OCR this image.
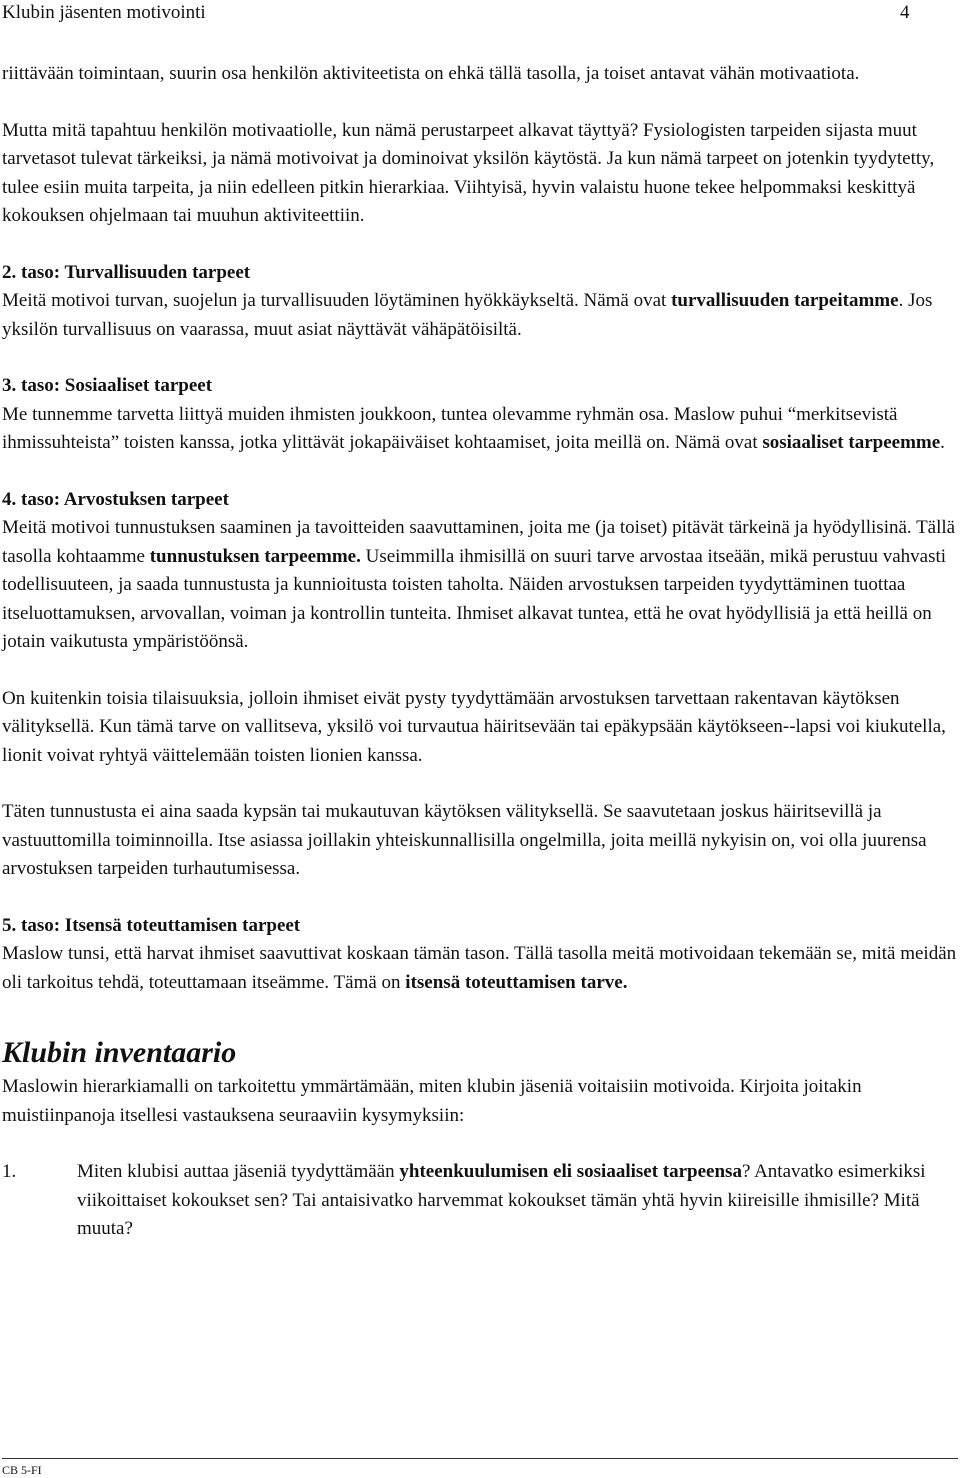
Klubin jäsenten motivointi	4

riittävään toimintaan, suurin osa henkilön aktiviteetista on ehkä tällä tasolla, ja toiset antavat vähän motivaatiota.

Mutta mitä tapahtuu henkilön motivaatiolle, kun nämä perustarpeet alkavat täyttyä? Fysiologisten tarpeiden sijasta muut tarvetasot tulevat tärkeiksi, ja nämä motivoivat ja dominoivat yksilön käytöstä. Ja kun nämä tarpeet on jotenkin tyydytetty, tulee esiin muita tarpeita, ja niin edelleen pitkin hierarkiaa. Viihtyisä, hyvin valaistu huone tekee helpommaksi keskittyä kokouksen ohjelmaan tai muuhun aktiviteettiin.

2. taso: Turvallisuuden tarpeet

Meitä motivoi turvan, suojelun ja turvallisuuden löytäminen hyökkäykseltä. Nämä ovat turvallisuuden tarpeitamme. Jos yksilön turvallisuus on vaarassa, muut asiat näyttävät vähäpätöisiltä.

3. taso: Sosiaaliset tarpeet

Me tunnemme tarvetta liittyä muiden ihmisten joukkoon, tuntea olevamme ryhmän osa. Maslow puhui “merkitsevistä ihmissuhteista” toisten kanssa, jotka ylittävät jokapäiväiset kohtaamiset, joita meillä on. Nämä ovat sosiaaliset tarpeemme.

4. taso: Arvostuksen tarpeet

Meitä motivoi tunnustuksen saaminen ja tavoitteiden saavuttaminen, joita me (ja toiset) pitävät tärkeinä ja hyödyllisinä. Tällä tasolla kohtaamme tunnustuksen tarpeemme. Useimmilla ihmisillä on suuri tarve arvostaa itseään, mikä perustuu vahvasti todellisuuteen, ja saada tunnustusta ja kunnioitusta toisten taholta. Näiden arvostuksen tarpeiden tyydyttäminen tuottaa itseluottamuksen, arvovallan, voiman ja kontrollin tunteita. Ihmiset alkavat tuntea, että he ovat hyödyllisiä ja että heillä on jotain vaikutusta ympäristöönsä.

On kuitenkin toisia tilaisuuksia, jolloin ihmiset eivät pysty tyydyttämään arvostuksen tarvettaan rakentavan käytöksen välityksellä. Kun tämä tarve on vallitseva, yksilö voi turvautua häiritsevään tai epäkypsään käytökseen--lapsi voi kiukutella, lionit voivat ryhtyä väittelemään toisten lionien kanssa.

Täten tunnustusta ei aina saada kypsän tai mukautuvan käytöksen välityksellä. Se saavutetaan joskus häiritsevillä ja vastuuttomilla toiminnoilla. Itse asiassa joillakin yhteiskunnallisilla ongelmilla, joita meillä nykyisin on, voi olla juurensa arvostuksen tarpeiden turhautumisessa.

5. taso: Itsensä toteuttamisen tarpeet

Maslow tunsi, että harvat ihmiset saavuttivat koskaan tämän tason. Tällä tasolla meitä motivoidaan tekemään se, mitä meidän oli tarkoitus tehdä, toteuttamaan itseämme. Tämä on itsensä toteuttamisen tarve.

Klubin inventaario

Maslowin hierarkiamalli on tarkoitettu ymmärtämään, miten klubin jäseniä voitaisiin motivoida. Kirjoita joitakin muistiinpanoja itsellesi vastauksena seuraaviin kysymyksiin:

1.	Miten klubisi auttaa jäseniä tyydyttämään yhteenkuulumisen eli sosiaaliset tarpeensa? Antavatko esimerkiksi viikoittaiset kokoukset sen? Tai antaisivatko harvemmat kokoukset tämän yhtä hyvin kiireisille ihmisille? Mitä muuta?
CB 5-FI
